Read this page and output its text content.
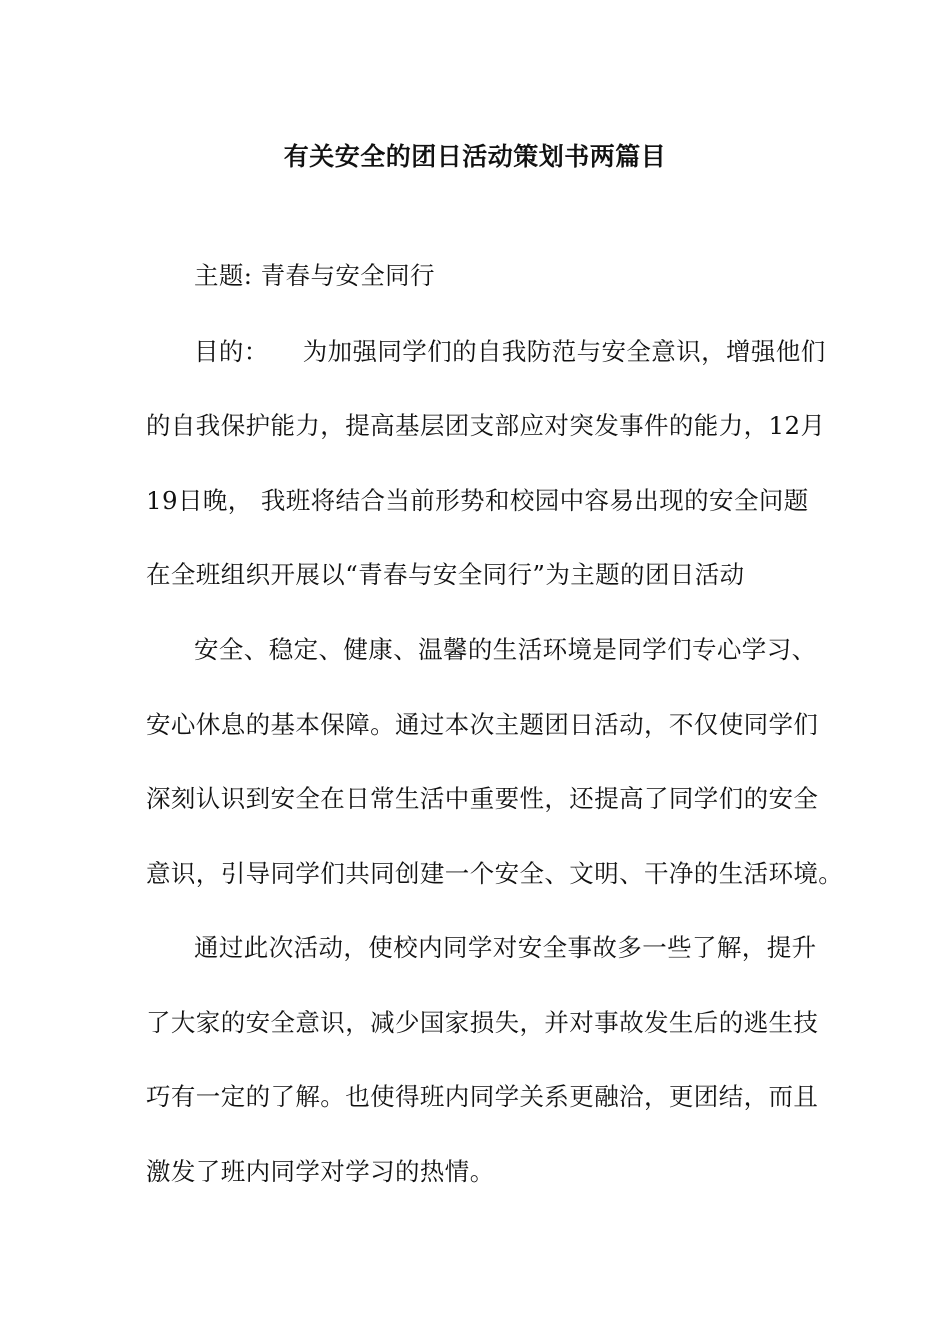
有关安全的团日活动策划书两篇目
主题: 青春与安全同行
目的： 为加强同学们的自我防范与安全意识，增强他们
的自我保护能力，提高基层团支部应对突发事件的能力，12月
19日晚， 我班将结合当前形势和校园中容易出现的安全问题
在全班组织开展以“青春与安全同行”为主题的团日活动
安全、稳定、健康、温馨的生活环境是同学们专心学习、
安心休息的基本保障。通过本次主题团日活动，不仅使同学们
深刻认识到安全在日常生活中重要性，还提高了同学们的安全
意识，引导同学们共同创建一个安全、文明、干净的生活环境。
通过此次活动，使校内同学对安全事故多一些了解，提升
了大家的安全意识，减少国家损失，并对事故发生后的逃生技
巧有一定的了解。也使得班内同学关系更融洽，更团结，而且
激发了班内同学对学习的热情。
